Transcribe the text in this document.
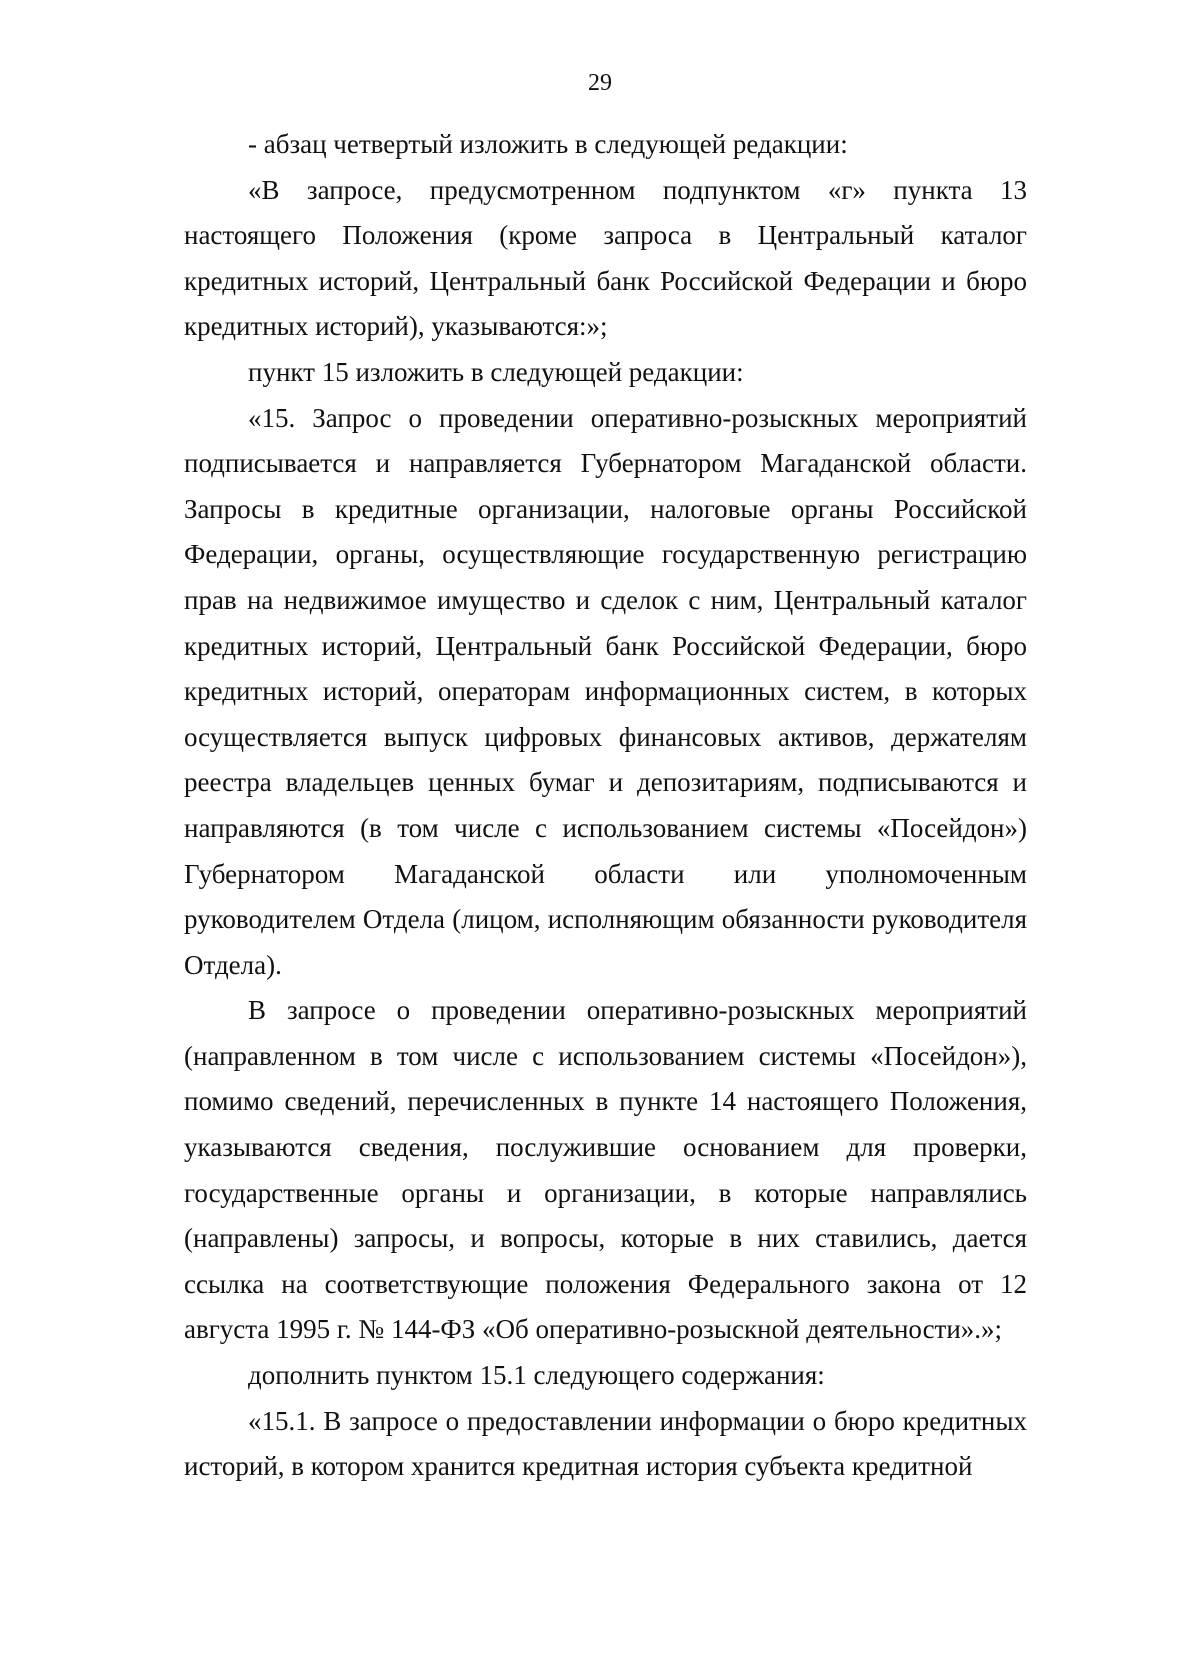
29

- абзац четвертый изложить в следующей редакции:

«В запросе, предусмотренном подпунктом «г» пункта 13 настоящего Положения (кроме запроса в Центральный каталог кредитных историй, Центральный банк Российской Федерации и бюро кредитных историй), указываются:»;

пункт 15 изложить в следующей редакции:

«15. Запрос о проведении оперативно-розыскных мероприятий подписывается и направляется Губернатором Магаданской области. Запросы в кредитные организации, налоговые органы Российской Федерации, органы, осуществляющие государственную регистрацию прав на недвижимое имущество и сделок с ним, Центральный каталог кредитных историй, Центральный банк Российской Федерации, бюро кредитных историй, операторам информационных систем, в которых осуществляется выпуск цифровых финансовых активов, держателям реестра владельцев ценных бумаг и депозитариям, подписываются и направляются (в том числе с использованием системы «Посейдон») Губернатором Магаданской области или уполномоченным руководителем Отдела (лицом, исполняющим обязанности руководителя Отдела).

В запросе о проведении оперативно-розыскных мероприятий (направленном в том числе с использованием системы «Посейдон»), помимо сведений, перечисленных в пункте 14 настоящего Положения, указываются сведения, послужившие основанием для проверки, государственные органы и организации, в которые направлялись (направлены) запросы, и вопросы, которые в них ставились, дается ссылка на соответствующие положения Федерального закона от 12 августа 1995 г. № 144-ФЗ «Об оперативно-розыскной деятельности».»;

дополнить пунктом 15.1 следующего содержания:

«15.1. В запросе о предоставлении информации о бюро кредитных историй, в котором хранится кредитная история субъекта кредитной
